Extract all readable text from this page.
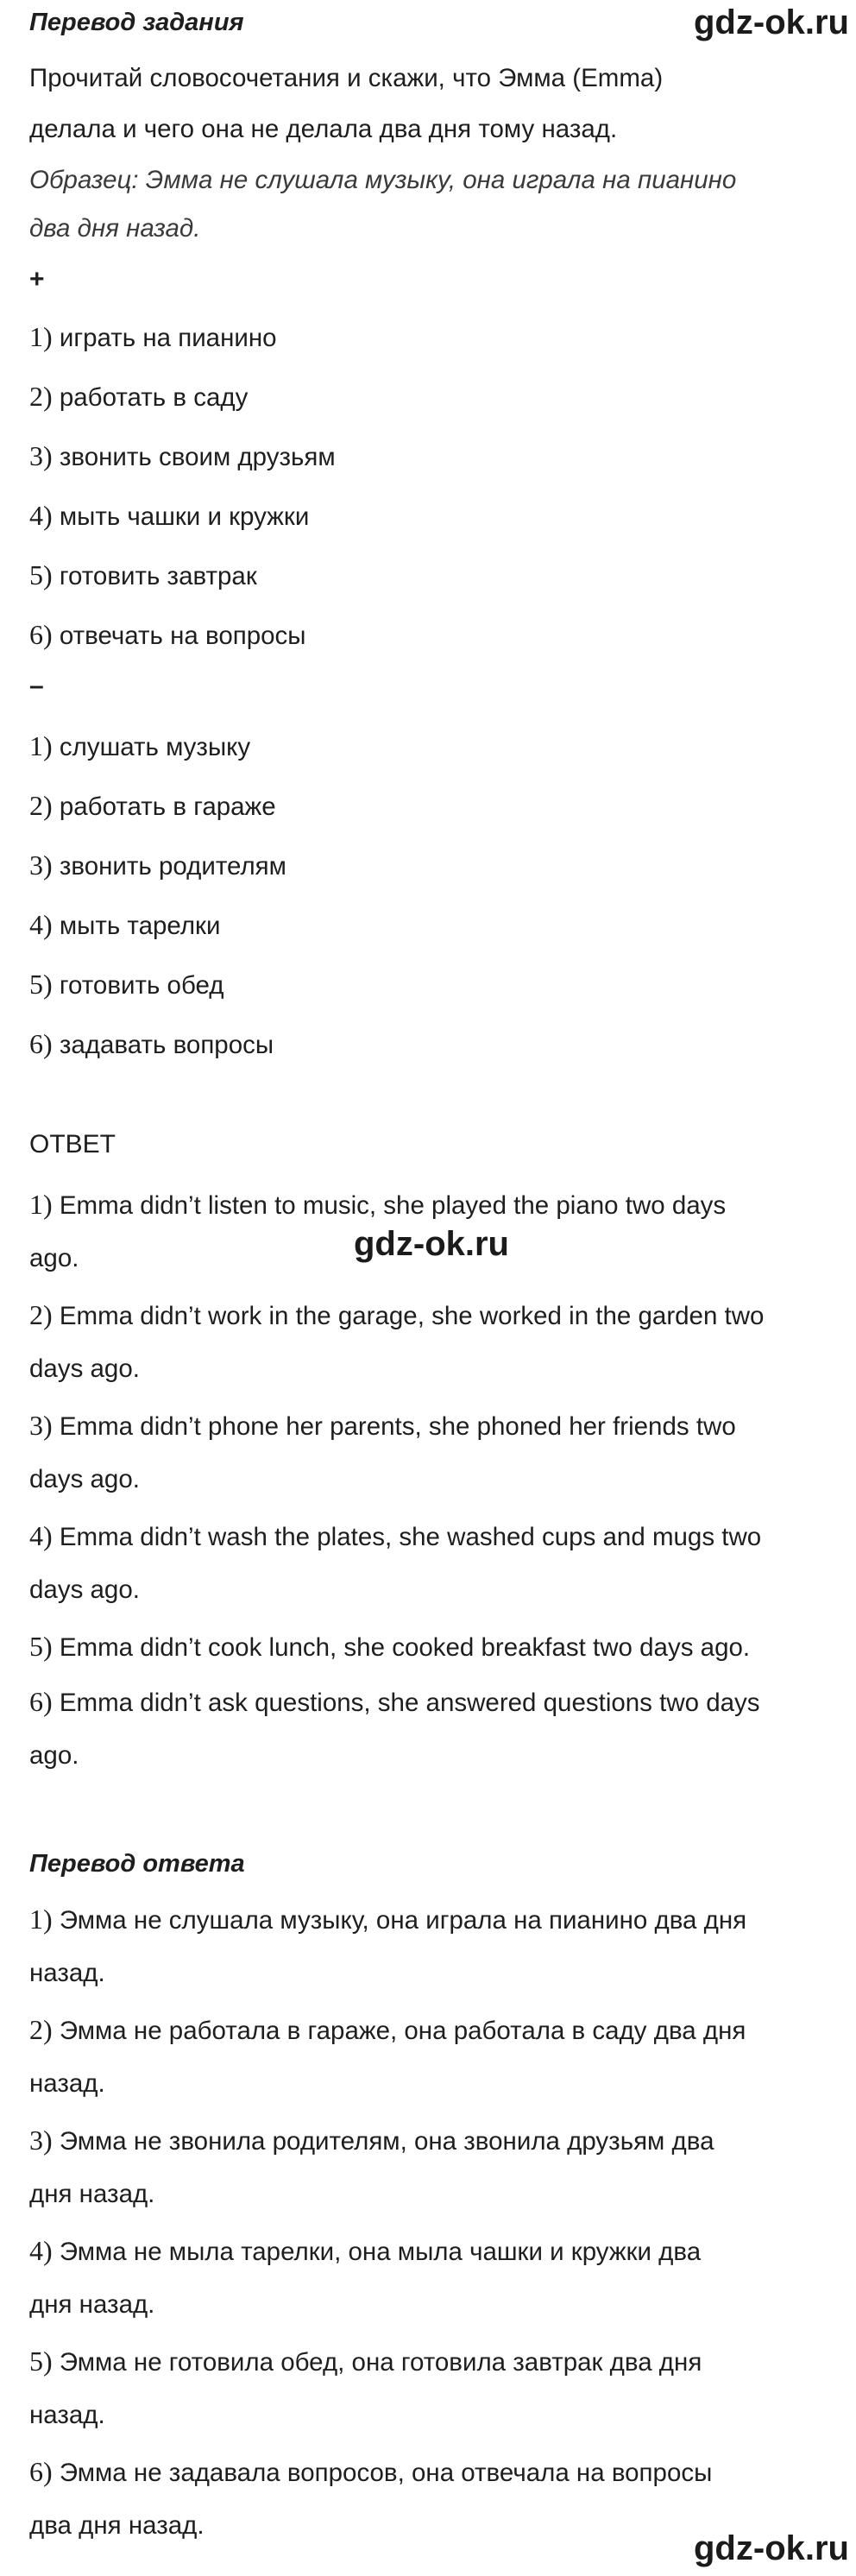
Перевод задания	gdz-ok.ru
Прочитай словосочетания и скажи, что Эмма (Emma)
делала и чего она не делала два дня тому назад.
Образец: Эмма не слушала музыку, она играла на пианино
два дня назад.
+
1) играть на пианино
2) работать в саду
3) звонить своим друзьям
4) мыть чашки и кружки
5) готовить завтрак
6) отвечать на вопросы
–
1) слушать музыку
2) работать в гараже
3) звонить родителям
4) мыть тарелки
5) готовить обед
6) задавать вопросы
ОТВЕТ
1) Emma didn’t listen to music, she played the piano two days
ago.	gdz-ok.ru
2) Emma didn’t work in the garage, she worked in the garden two
days ago.
3) Emma didn’t phone her parents, she phoned her friends two
days ago.
4) Emma didn’t wash the plates, she washed cups and mugs two
days ago.
5) Emma didn’t cook lunch, she cooked breakfast two days ago.
6) Emma didn’t ask questions, she answered questions two days
ago.
Перевод ответа
1) Эмма не слушала музыку, она играла на пианино два дня
назад.
2) Эмма не работала в гараже, она работала в саду два дня
назад.
3) Эмма не звонила родителям, она звонила друзьям два
дня назад.
4) Эмма не мыла тарелки, она мыла чашки и кружки два
дня назад.
5) Эмма не готовила обед, она готовила завтрак два дня
назад.
6) Эмма не задавала вопросов, она отвечала на вопросы
два дня назад.
gdz-ok.ru
